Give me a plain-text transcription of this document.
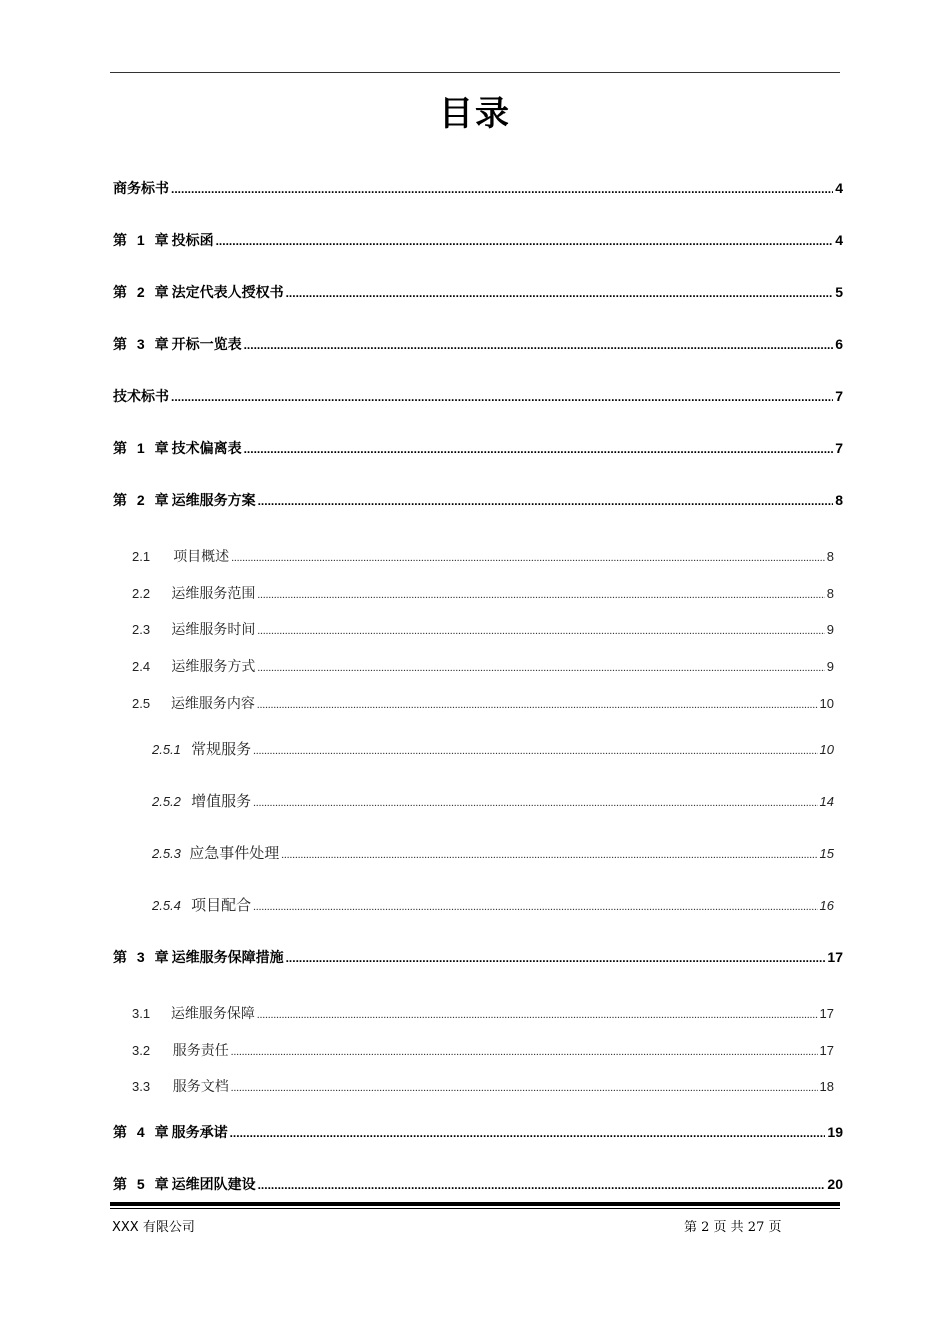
目录
商务标书 .....	4
第 1 章 投标函 .....	4
第 2 章 法定代表人授权书 .....	5
第 3 章 开标一览表 .....	6
技术标书 .....	7
第 1 章 技术偏离表 .....	7
第 2 章 运维服务方案 .....	8
2.1	项目概述 .....	8
2.2	运维服务范围 .....	8
2.3	运维服务时间 .....	9
2.4	运维服务方式 .....	9
2.5	运维服务内容 .....	10
2.5.1 常规服务 .....	10
2.5.2 增值服务 .....	14
2.5.3 应急事件处理 .....	15
2.5.4 项目配合 .....	16
第 3 章 运维服务保障措施 .....	17
3.1	运维服务保障 .....	17
3.2	服务责任 .....	17
3.3	服务文档 .....	18
第 4 章 服务承诺 .....	19
第 5 章 运维团队建设 .....	20
XXX 有限公司	第 2 页 共 27 页
